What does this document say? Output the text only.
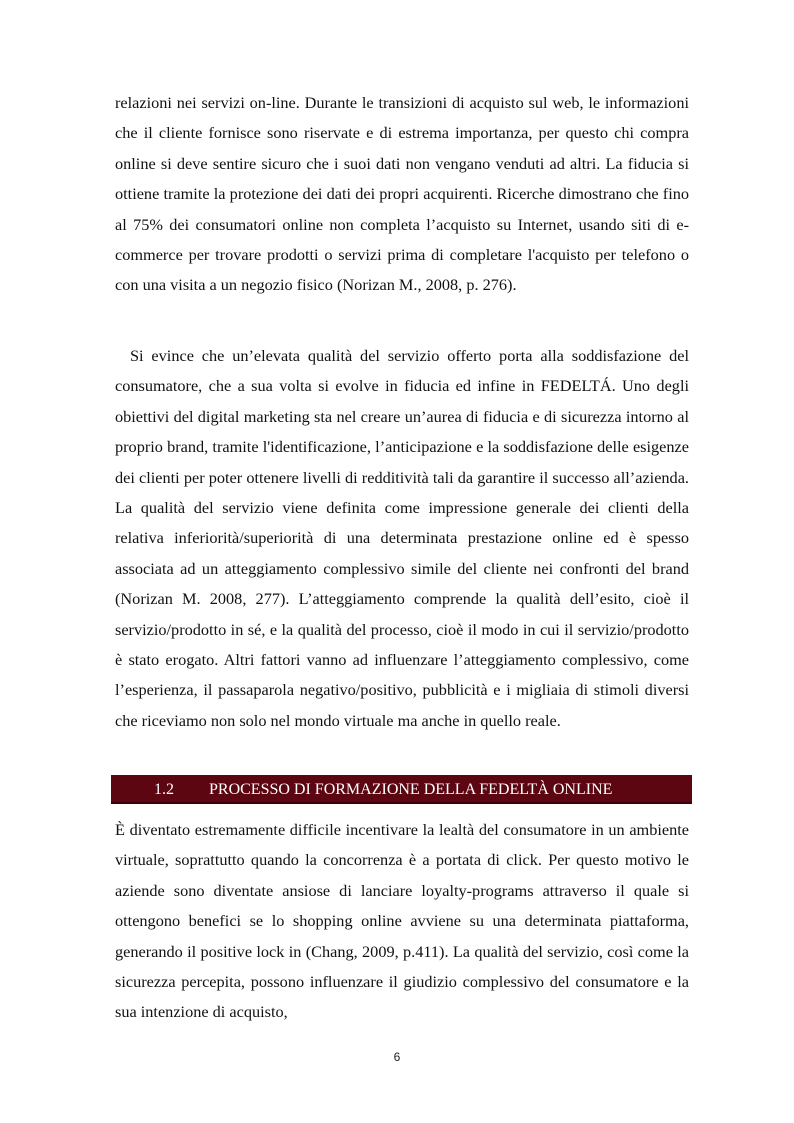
relazioni nei servizi on-line. Durante le transizioni di acquisto sul web, le informazioni che il cliente fornisce sono riservate e di estrema importanza, per questo chi compra online si deve sentire sicuro che i suoi dati non vengano venduti ad altri. La fiducia si ottiene tramite la protezione dei dati dei propri acquirenti. Ricerche dimostrano che fino al 75% dei consumatori online non completa l’acquisto su Internet, usando siti di e-commerce per trovare prodotti o servizi prima di completare l'acquisto per telefono o con una visita a un negozio fisico (Norizan M., 2008, p. 276).

Si evince che un’elevata qualità del servizio offerto porta alla soddisfazione del consumatore, che a sua volta si evolve in fiducia ed infine in FEDELTÁ. Uno degli obiettivi del digital marketing sta nel creare un’aurea di fiducia e di sicurezza intorno al proprio brand, tramite l'identificazione, l’anticipazione e la soddisfazione delle esigenze dei clienti per poter ottenere livelli di redditività tali da garantire il successo all’azienda. La qualità del servizio viene definita come impressione generale dei clienti della relativa inferiorità/superiorità di una determinata prestazione online ed è spesso associata ad un atteggiamento complessivo simile del cliente nei confronti del brand (Norizan M. 2008, 277). L’atteggiamento comprende la qualità dell’esito, cioè il servizio/prodotto in sé, e la qualità del processo, cioè il modo in cui il servizio/prodotto è stato erogato. Altri fattori vanno ad influenzare l’atteggiamento complessivo, come l’esperienza, il passaparola negativo/positivo, pubblicità e i migliaia di stimoli diversi che riceviamo non solo nel mondo virtuale ma anche in quello reale.

1.2 PROCESSO DI FORMAZIONE DELLA FEDELTÀ ONLINE

È diventato estremamente difficile incentivare la lealtà del consumatore in un ambiente virtuale, soprattutto quando la concorrenza è a portata di click. Per questo motivo le aziende sono diventate ansiose di lanciare loyalty-programs attraverso il quale si ottengono benefici se lo shopping online avviene su una determinata piattaforma, generando il positive lock in (Chang, 2009, p.411). La qualità del servizio, così come la sicurezza percepita, possono influenzare il giudizio complessivo del consumatore e la sua intenzione di acquisto,

6
